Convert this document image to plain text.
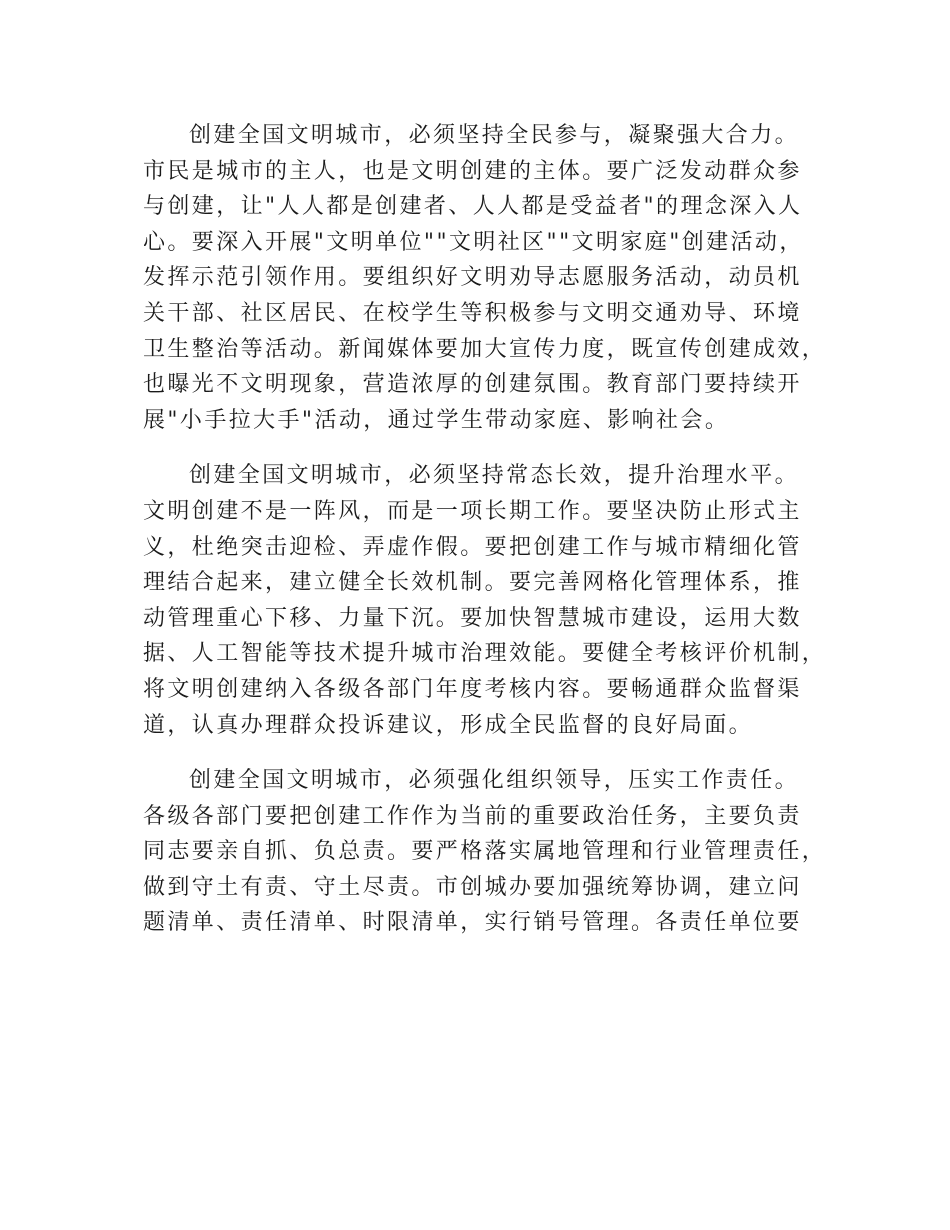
创建全国文明城市，必须坚持全民参与，凝聚强大合力。
市民是城市的主人，也是文明创建的主体。要广泛发动群众参
与创建，让"人人都是创建者、人人都是受益者"的理念深入人
心。要深入开展"文明单位""文明社区""文明家庭"创建活动，
发挥示范引领作用。要组织好文明劝导志愿服务活动，动员机
关干部、社区居民、在校学生等积极参与文明交通劝导、环境
卫生整治等活动。新闻媒体要加大宣传力度，既宣传创建成效，
也曝光不文明现象，营造浓厚的创建氛围。教育部门要持续开
展"小手拉大手"活动，通过学生带动家庭、影响社会。

创建全国文明城市，必须坚持常态长效，提升治理水平。
文明创建不是一阵风，而是一项长期工作。要坚决防止形式主
义，杜绝突击迎检、弄虚作假。要把创建工作与城市精细化管
理结合起来，建立健全长效机制。要完善网格化管理体系，推
动管理重心下移、力量下沉。要加快智慧城市建设，运用大数
据、人工智能等技术提升城市治理效能。要健全考核评价机制，
将文明创建纳入各级各部门年度考核内容。要畅通群众监督渠
道，认真办理群众投诉建议，形成全民监督的良好局面。

创建全国文明城市，必须强化组织领导，压实工作责任。
各级各部门要把创建工作作为当前的重要政治任务，主要负责
同志要亲自抓、负总责。要严格落实属地管理和行业管理责任，
做到守土有责、守土尽责。市创城办要加强统筹协调，建立问
题清单、责任清单、时限清单，实行销号管理。各责任单位要
